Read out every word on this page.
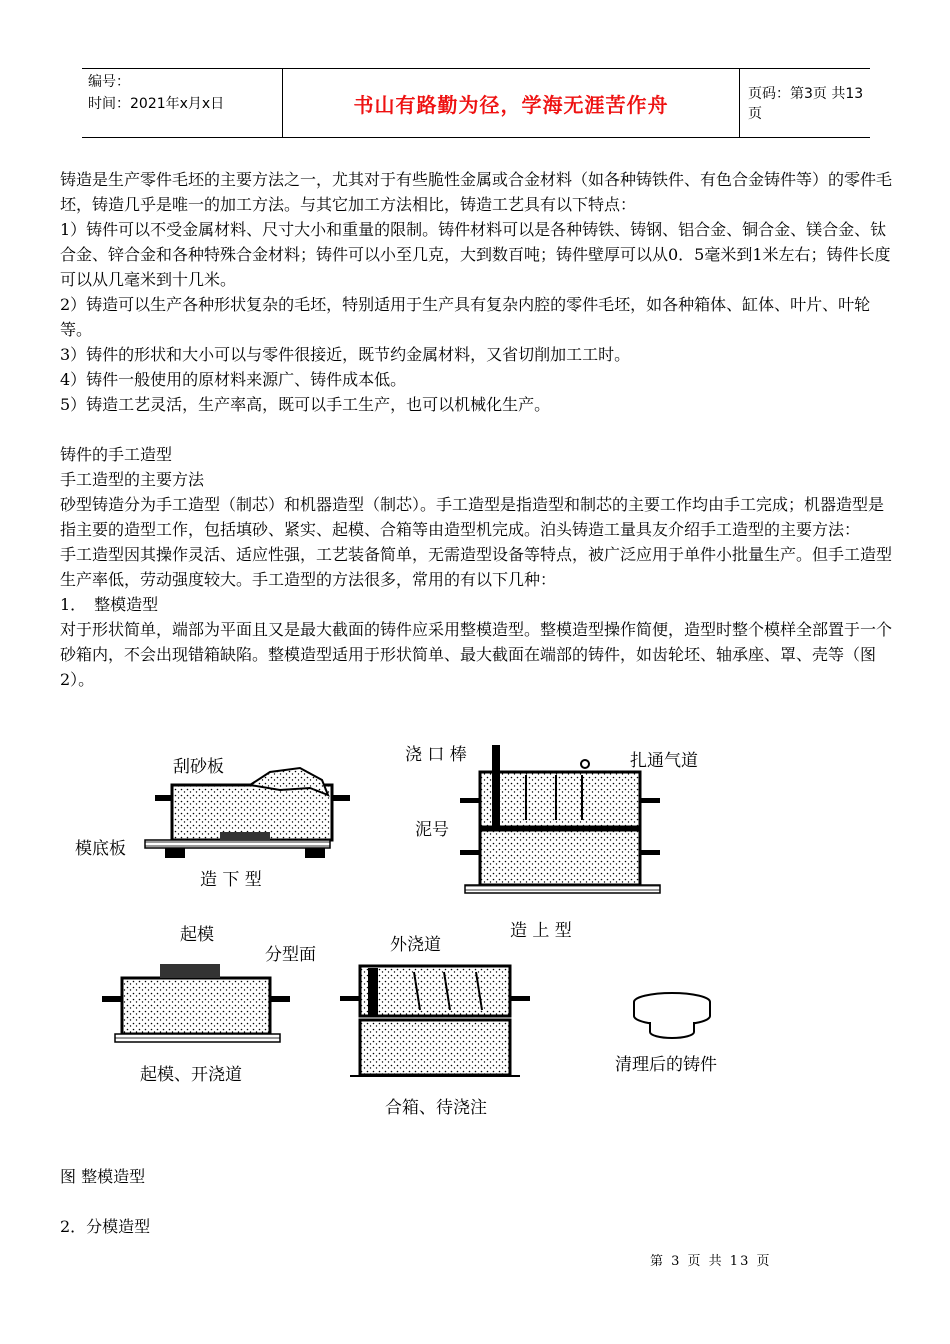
编号：
时间：2021年x月x日	书山有路勤为径，学海无涯苦作舟	页码：第3页 共13页

铸造是生产零件毛坯的主要方法之一，尤其对于有些脆性金属或合金材料（如各种铸铁件、有色合金铸件等）的零件毛坯，铸造几乎是唯一的加工方法。与其它加工方法相比，铸造工艺具有以下特点：

1）铸件可以不受金属材料、尺寸大小和重量的限制。铸件材料可以是各种铸铁、铸钢、铝合金、铜合金、镁合金、钛合金、锌合金和各种特殊合金材料；铸件可以小至几克，大到数百吨；铸件壁厚可以从0．5毫米到1米左右；铸件长度可以从几毫米到十几米。

2）铸造可以生产各种形状复杂的毛坯，特别适用于生产具有复杂内腔的零件毛坯，如各种箱体、缸体、叶片、叶轮等。

3）铸件的形状和大小可以与零件很接近，既节约金属材料，又省切削加工工时。

4）铸件一般使用的原材料来源广、铸件成本低。

5）铸造工艺灵活，生产率高，既可以手工生产，也可以机械化生产。

铸件的手工造型

手工造型的主要方法

砂型铸造分为手工造型（制芯）和机器造型（制芯）。手工造型是指造型和制芯的主要工作均由手工完成；机器造型是指主要的造型工作，包括填砂、紧实、起模、合箱等由造型机完成。泊头铸造工量具友介绍手工造型的主要方法：

手工造型因其操作灵活、适应性强，工艺装备简单，无需造型设备等特点，被广泛应用于单件小批量生产。但手工造型生产率低，劳动强度较大。手工造型的方法很多，常用的有以下几种：

1．　整模造型

对于形状简单，端部为平面且又是最大截面的铸件应采用整模造型。整模造型操作简便，造型时整个模样全部置于一个砂箱内，不会出现错箱缺陷。整模造型适用于形状简单、最大截面在端部的铸件，如齿轮坯、轴承座、罩、壳等（图2）。

刮砂板
模底板
造 下 型
浇 口 棒	扎通气道
泥号
造 上 型
起模
分型面
起模、开浇道
外浇道
合箱、待浇注
清理后的铸件
图 整模造型
2．分模造型
第 3 页 共 13 页
